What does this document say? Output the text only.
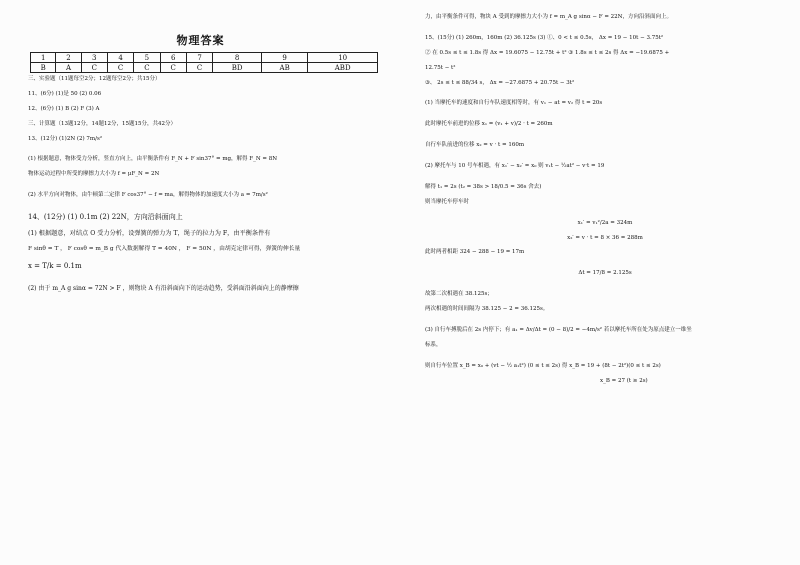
物理答案
1	2	3	4	5	6	7	8	9	10
B	A	C	C	C	C	C	BD	AB	ABD

三、实验题（11题每空2分；12题每空2分；共15分）

11、(6分) (1)是 50 (2) 0.06

12、(6分) (1) B (2) F (3) A

三、计算题（13题12分，14题12分，15题15分，共42分）

13、(12分) (1)2N (2) 7m/s²

(1) 根据题意，物体受力分析，竖直方向上，由平衡条件有 F_N + F sin37° = mg，解得 F_N = 8N

物体运动过程中所受的摩擦力大小为 f = μF_N = 2N

(2) 水平方向对物体，由牛顿第二定律 F cos37° − f = ma，解得物体的加速度大小为 a = 7m/s²

14、(12分) (1) 0.1m (2) 22N，方向沿斜面向上

(1) 根据题意，对结点 O 受力分析，设弹簧的弹力为 T，绳子的拉力为 F，由平衡条件有

F sinθ = T ， F cosθ = m_B g 代入数据解得 T = 40N ， F = 50N ，由胡克定律可得，弹簧的伸长量

x = T/k = 0.1m

(2) 由于 m_A g sinα = 72N > F ，则物块 A 有沿斜面向下的运动趋势，受斜面沿斜面向上的静摩擦

力，由平衡条件可得，物块 A 受到的摩擦力大小为 f = m_A g sinα − F = 22N，方向沿斜面向上。

15、(15分) (1) 260m，160m (2) 36.125s (3) ①、0 < t ≤ 0.5s， Δx = 19 − 10t − 3.75t²

② 在 0.5s ≤ t ≤ 1.8s 得 Δx = 19.6075 − 12.75t + t² ③ 1.8s ≤ t ≤ 2s 得 Δx = −19.6875 +

12.75t − t²

③、 2s ≤ t ≤ 88/34 s， Δx = −27.6875 + 20.75t − 3t²

(1) 当摩托车的速度和自行车队速度相等时，有 v₁ − at = v₂ 得 t = 20s

此时摩托车前进的位移 x₁ = (v₁ + v)/2 · t = 260m

自行车队前进的位移 x₂ = v · t = 160m

(2) 摩托车与 10 号车相遇，有 x₁′ − x₂′ = x₀ 则 v₁t − ½at² − v·t = 19

解得 t₁ = 2s (t₂ = 38s > 18/0.5 = 36s 舍去)

则当摩托车停车时

x₁′ = v₁²/2a = 324m

x₂′ = v · t = 8 × 36 = 288m

此时两者相距 324 − 288 − 19 = 17m

Δt = 17/8 = 2.125s

故第二次相遇在 38.125s；

两次相遇的时间间隔为 38.125 − 2 = 36.125s。

(3) 自行车搏脱后在 2s 内停下；有 a₁ = Δv/Δt = (0 − 8)/2 = −4m/s² 若以摩托车所在处为原点建立一维坐

标系，

则自行车位置 x_B = x₀ + (vt − ½ a₁t²) (0 ≤ t ≤ 2s) 得 x_B = 19 + (8t − 2t²)(0 ≤ t ≤ 2s)

x_B = 27 (t ≥ 2s)
